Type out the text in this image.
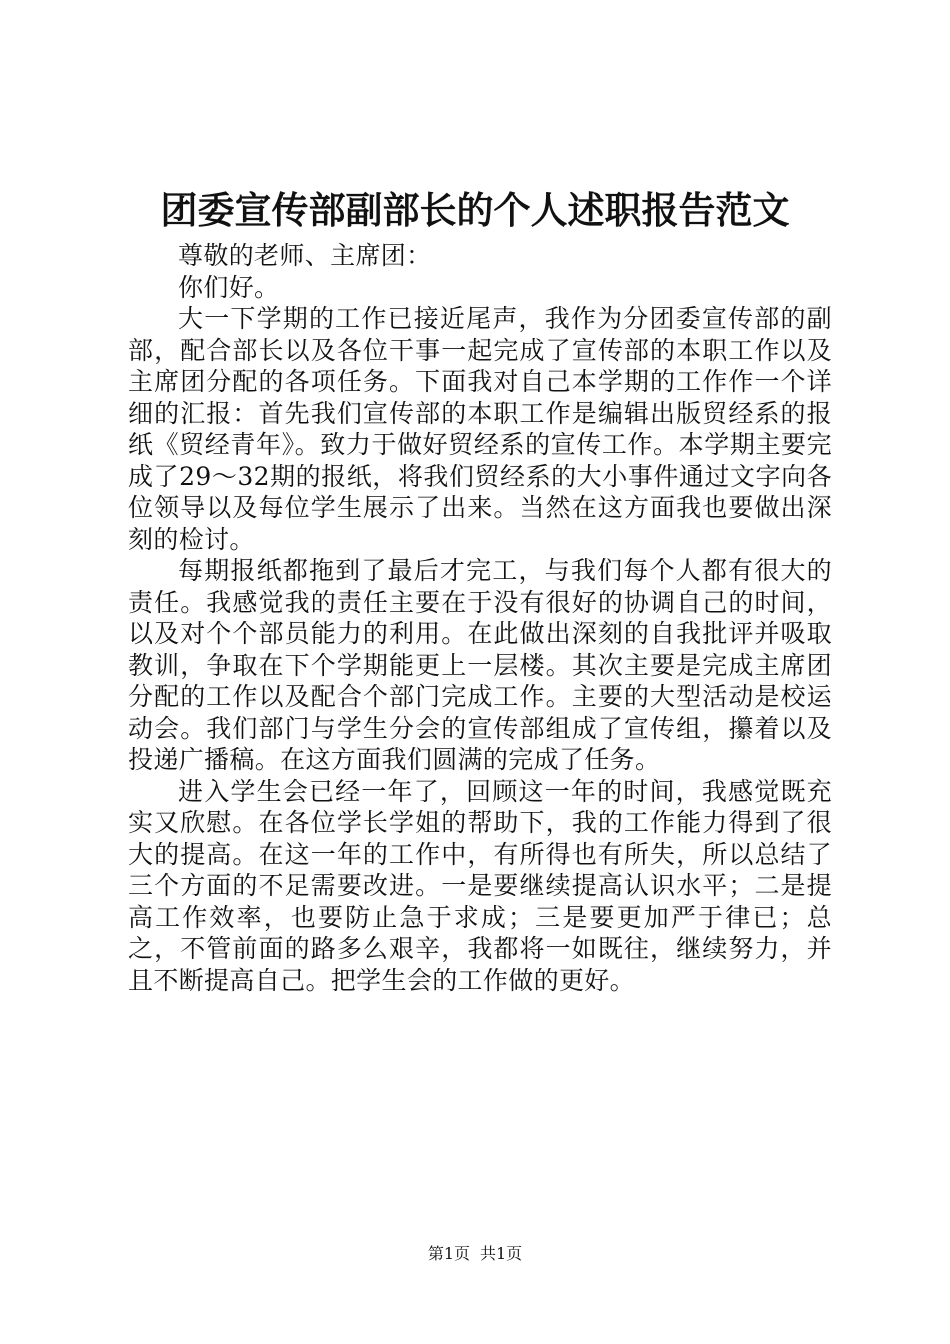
团委宣传部副部长的个人述职报告范文

尊敬的老师、主席团：

你们好。

大一下学期的工作已接近尾声，我作为分团委宣传部的副部，配合部长以及各位干事一起完成了宣传部的本职工作以及主席团分配的各项任务。下面我对自己本学期的工作作一个详细的汇报：首先我们宣传部的本职工作是编辑出版贸经系的报纸《贸经青年》。致力于做好贸经系的宣传工作。本学期主要完成了29～32期的报纸，将我们贸经系的大小事件通过文字向各位领导以及每位学生展示了出来。当然在这方面我也要做出深刻的检讨。

每期报纸都拖到了最后才完工，与我们每个人都有很大的责任。我感觉我的责任主要在于没有很好的协调自己的时间，以及对个个部员能力的利用。在此做出深刻的自我批评并吸取教训，争取在下个学期能更上一层楼。其次主要是完成主席团分配的工作以及配合个部门完成工作。主要的大型活动是校运动会。我们部门与学生分会的宣传部组成了宣传组，攥着以及投递广播稿。在这方面我们圆满的完成了任务。

进入学生会已经一年了，回顾这一年的时间，我感觉既充实又欣慰。在各位学长学姐的帮助下，我的工作能力得到了很大的提高。在这一年的工作中，有所得也有所失，所以总结了三个方面的不足需要改进。一是要继续提高认识水平；二是提高工作效率，也要防止急于求成；三是要更加严于律已；总之，不管前面的路多么艰辛，我都将一如既往，继续努力，并且不断提高自己。把学生会的工作做的更好。

第1页 共1页
